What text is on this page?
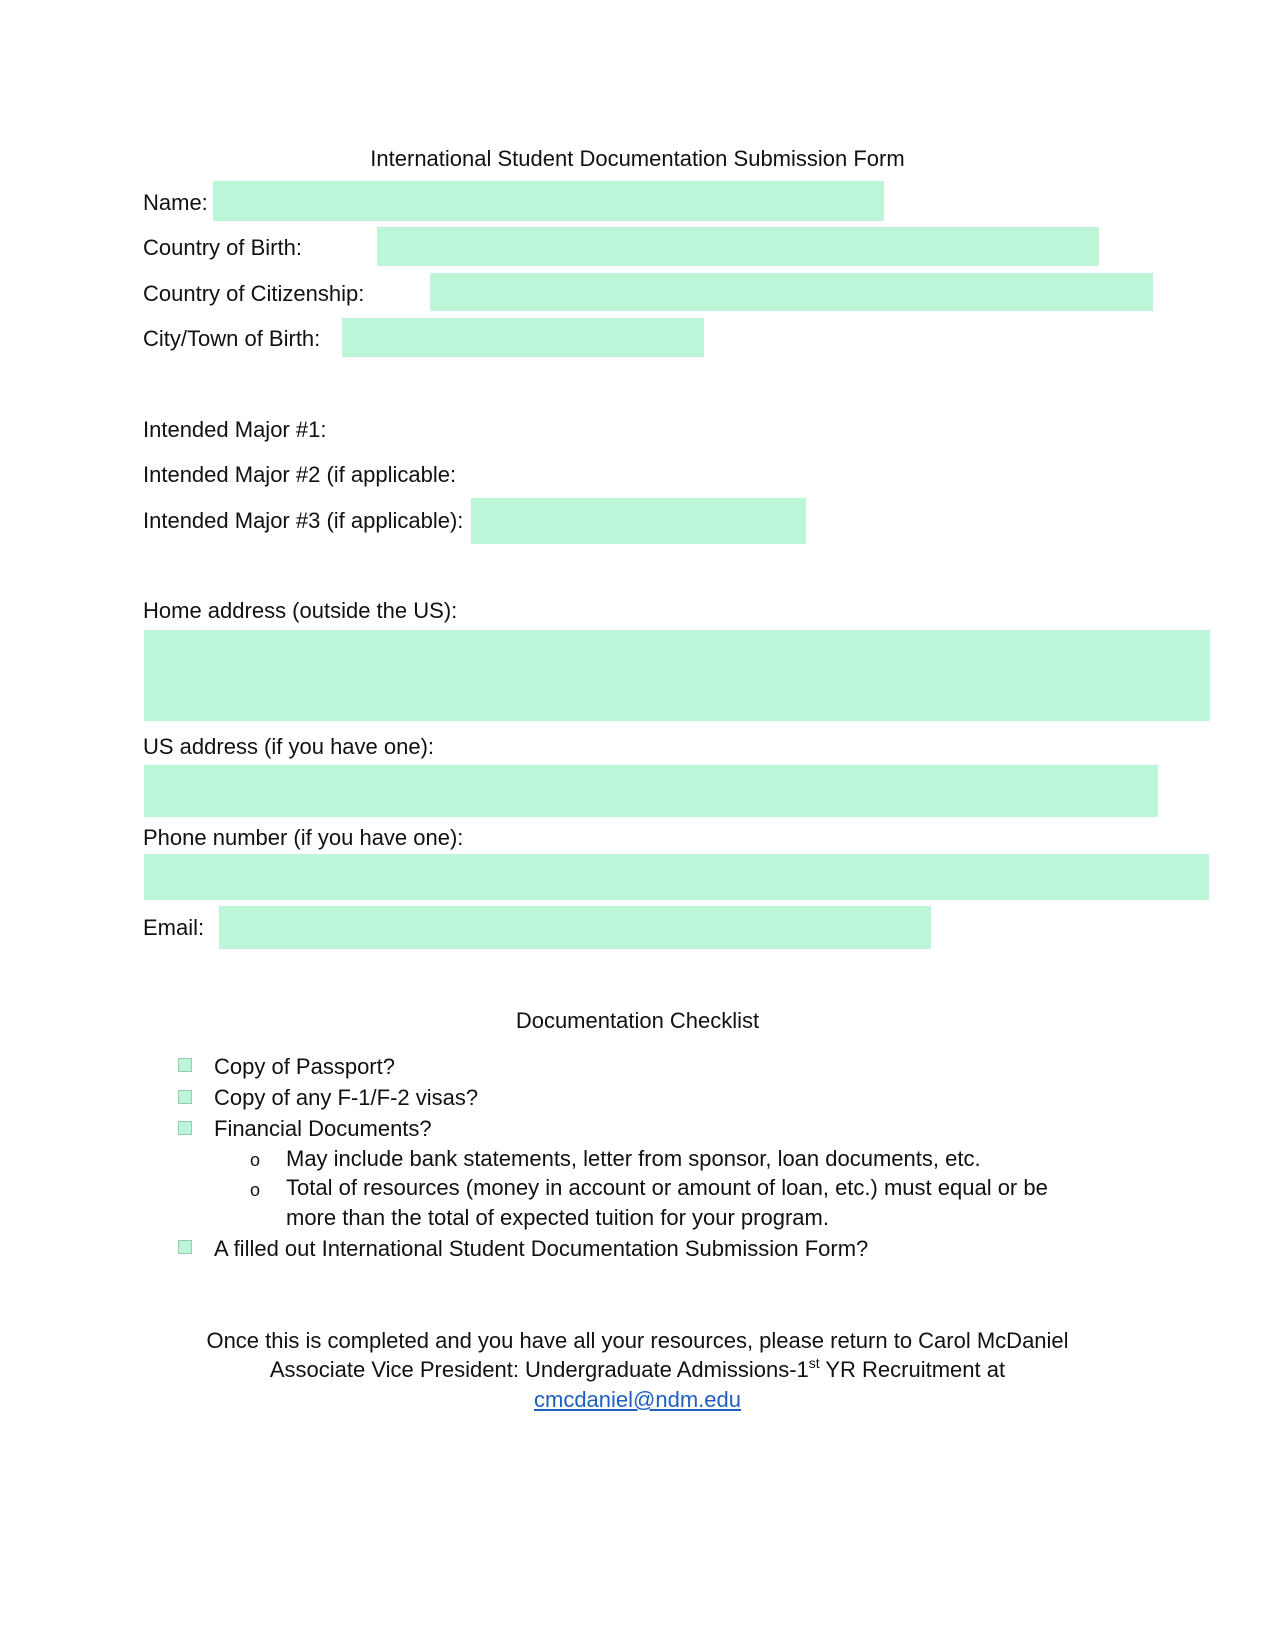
International Student Documentation Submission Form
Name:
Country of Birth:
Country of Citizenship:
City/Town of Birth:
Intended Major #1:
Intended Major #2 (if applicable:
Intended Major #3 (if applicable):
Home address (outside the US):
US address (if you have one):
Phone number (if you have one):
Email:
Documentation Checklist
Copy of Passport?
Copy of any F-1/F-2 visas?
Financial Documents?
o May include bank statements, letter from sponsor, loan documents, etc.
o Total of resources (money in account or amount of loan, etc.) must equal or be
more than the total of expected tuition for your program.
A filled out International Student Documentation Submission Form?
Once this is completed and you have all your resources, please return to Carol McDaniel
Associate Vice President: Undergraduate Admissions-1st YR Recruitment at
cmcdaniel@ndm.edu
